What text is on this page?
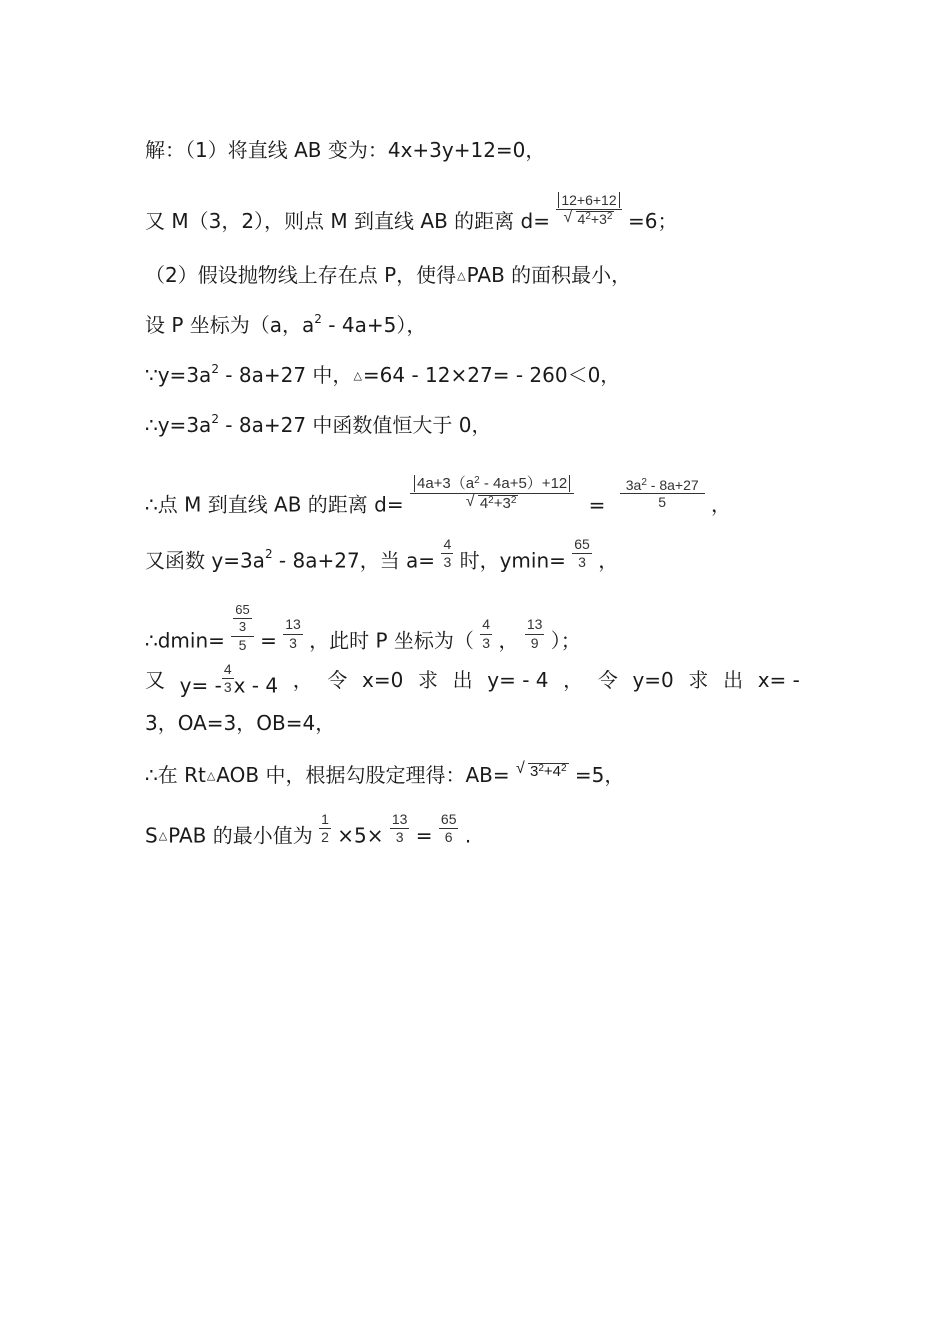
解：（1）将直线 AB 变为：4x+3y+12=0，
又 M（3，2），则点 M 到直线 AB 的距离 d= 12+6+12
√ $4^2+3^2 =6$；
（2）假设抛物线上存在点 P，使得△PAB 的面积最小，
设 P 坐标为（a，$a^2 - 4a+5$），
$\because y=3a^2 - 8a+27$ 中，△=64 - 12×27= - 260＜0，
$\therefore y=3a^2 - 8a+27$ 中函数值恒大于 0，
∴点 M 到直线 AB 的距离 $d= 4a+3(a^2 - 4a+5)+12$
√ $4^2+3^2 = \frac{3a^2 - 8a+27}{5}$ ，
又函数 $y=3a^2 - 8a+27$，当 $a= \frac{4}{3}$ 时，$ymin= \frac{65}{3}$ ，
∴dmin= $\frac{\frac{65}{3}}{5} = \frac{13}{3}$ ，此时 P 坐标为（ $\frac{4}{3}$ ， $\frac{13}{9}$ ）；
又 $y= - \frac{4}{3}$ x - 4 ， 令 x=0 求 出 y= - 4 ， 令 y=0 求 出 x= -
3，OA=3，OB=4，
∴在 Rt△AOB 中，根据勾股定理得：AB= √ $3^2+4^2 =5$，
S△PAB 的最小值为 $\frac{1}{2} \times 5\times \frac{13}{3} = \frac{65}{6}$ .
